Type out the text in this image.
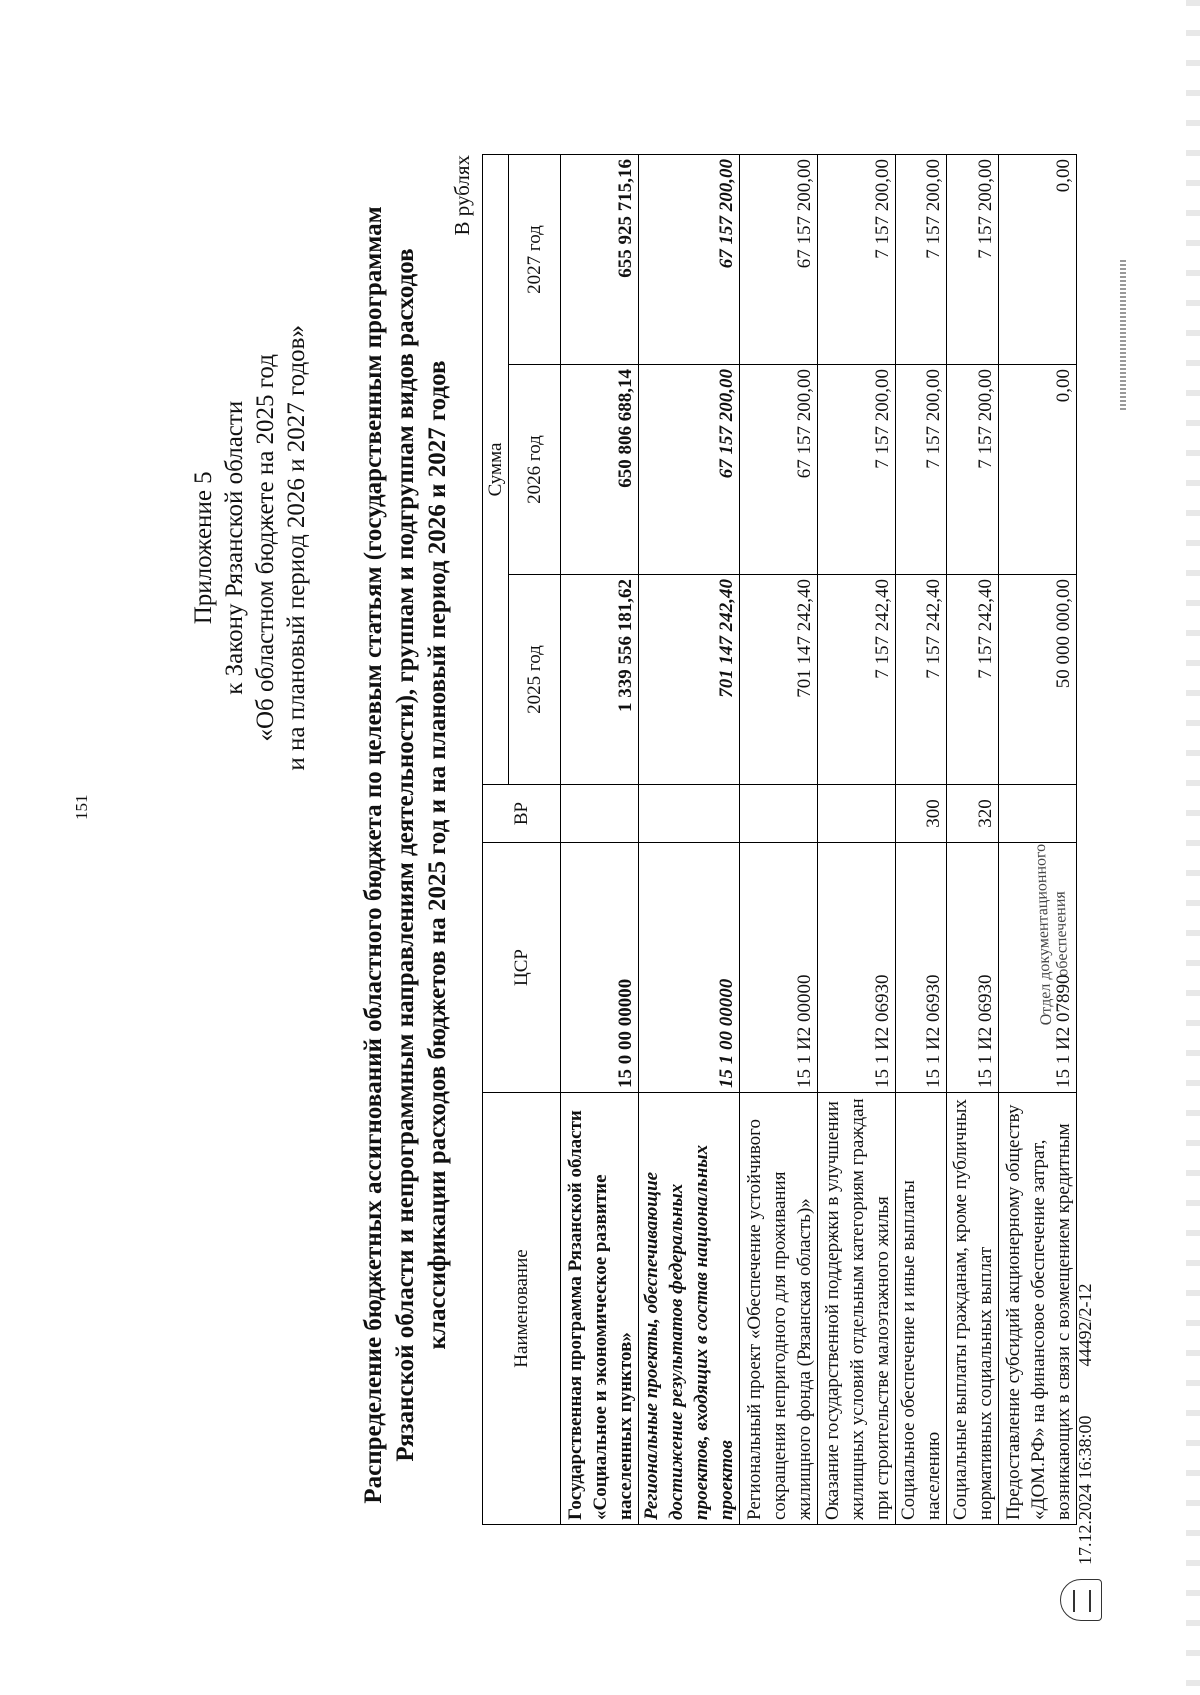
151
Приложение 5 к Закону Рязанской области «Об областном бюджете на 2025 год и на плановый период 2026 и 2027 годов» Распределение бюджетных ассигнований областного бюджета по целевым статьям (государственным программам Рязанской области и непрограммным направлениям деятельности), группам и подгруппам видов расходов классификации расходов бюджетов на 2025 год и на плановый период 2026 и 2027 годов
В рублях
Наименование	ЦСР	ВР	Сумма		
			2025 год	2026 год	2027 год
Государственная программа Рязанской области «Социальное и экономическое развитие населенных пунктов»	15 0 00 00000		1 339 556 181,62	650 806 688,14	655 925 715,16
Региональные проекты, обеспечивающие достижение результатов федеральных проектов, входящих в состав национальных проектов	15 1 00 00000		701 147 242,40	67 157 200,00	67 157 200,00
Региональный проект «Обеспечение устойчивого сокращения непригодного для проживания жилищного фонда (Рязанская область)»	15 1 И2 00000		701 147 242,40	67 157 200,00	67 157 200,00
Оказание государственной поддержки в улучшении жилищных условий отдельным категориям граждан при строительстве малоэтажного жилья	15 1 И2 06930		7 157 242,40	7 157 200,00	7 157 200,00
Социальное обеспечение и иные выплаты населению	15 1 И2 06930	300	7 157 242,40	7 157 200,00	7 157 200,00
Социальные выплаты гражданам, кроме публичных нормативных социальных выплат	15 1 И2 06930	320	7 157 242,40	7 157 200,00	7 157 200,00
Предоставление субсидий акционерному обществу «ДОМ.РФ» на финансовое обеспечение затрат, возникающих в связи с возмещением кредитным	15 1 И2 07890		50 000 000,00	0,00	0,00
17.12.2024 16:38:00  44492/2-12
Отдел документационного
обеспечения
